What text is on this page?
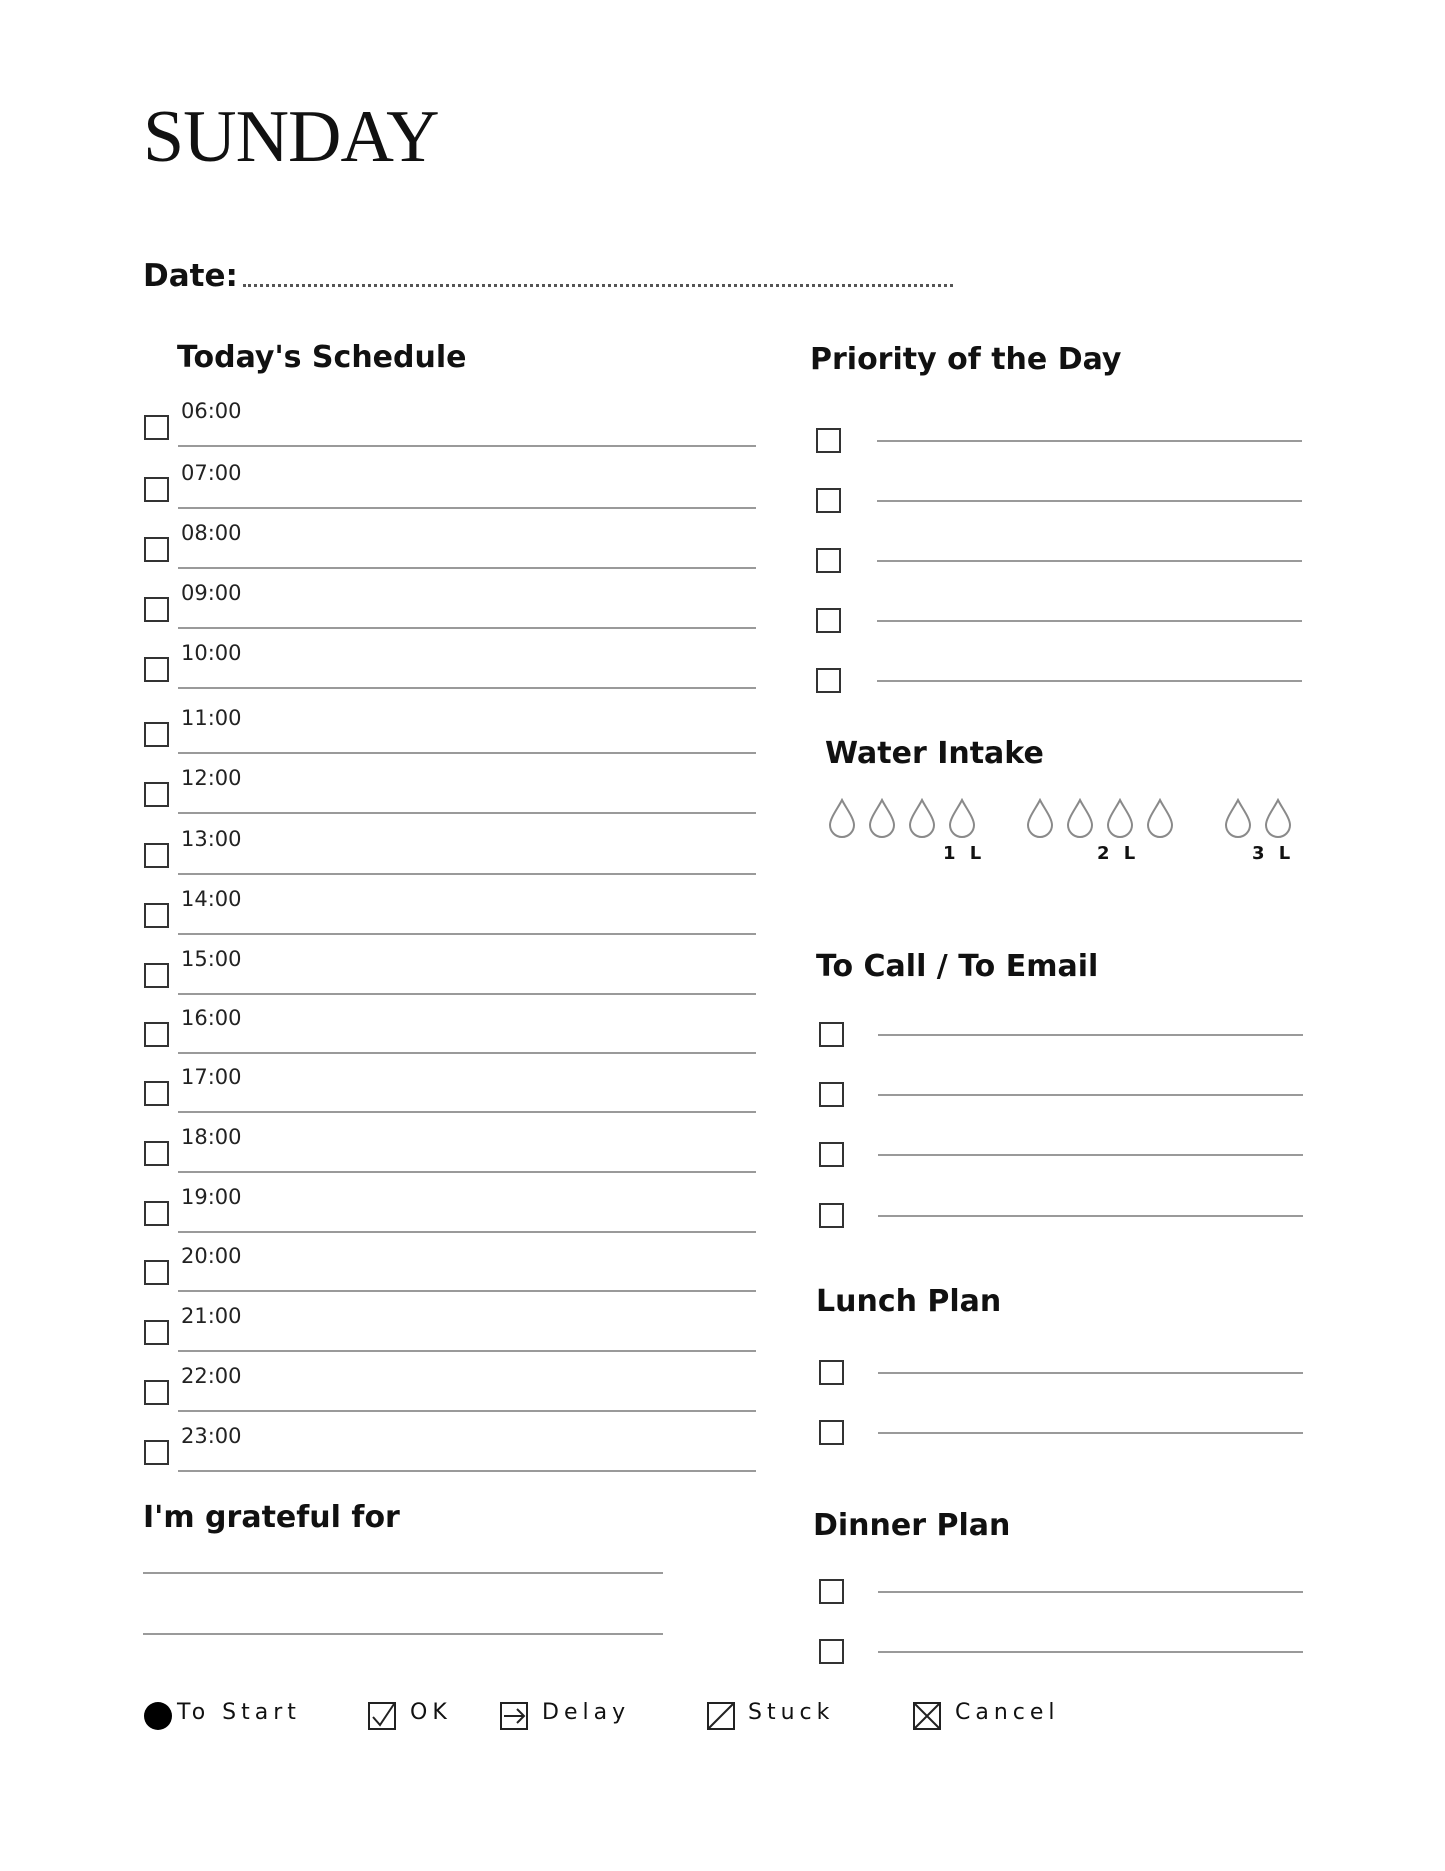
SUNDAY
Date:
Today's Schedule
06:00
07:00
08:00
09:00
10:00
11:00
12:00
13:00
14:00
15:00
16:00
17:00
18:00
19:00
20:00
21:00
22:00
23:00
I'm grateful for
Priority of the Day
Water Intake
1 L	2 L	3 L
To Call / To Email
Lunch Plan
Dinner Plan
To Start	OK	Delay	Stuck	Cancel
